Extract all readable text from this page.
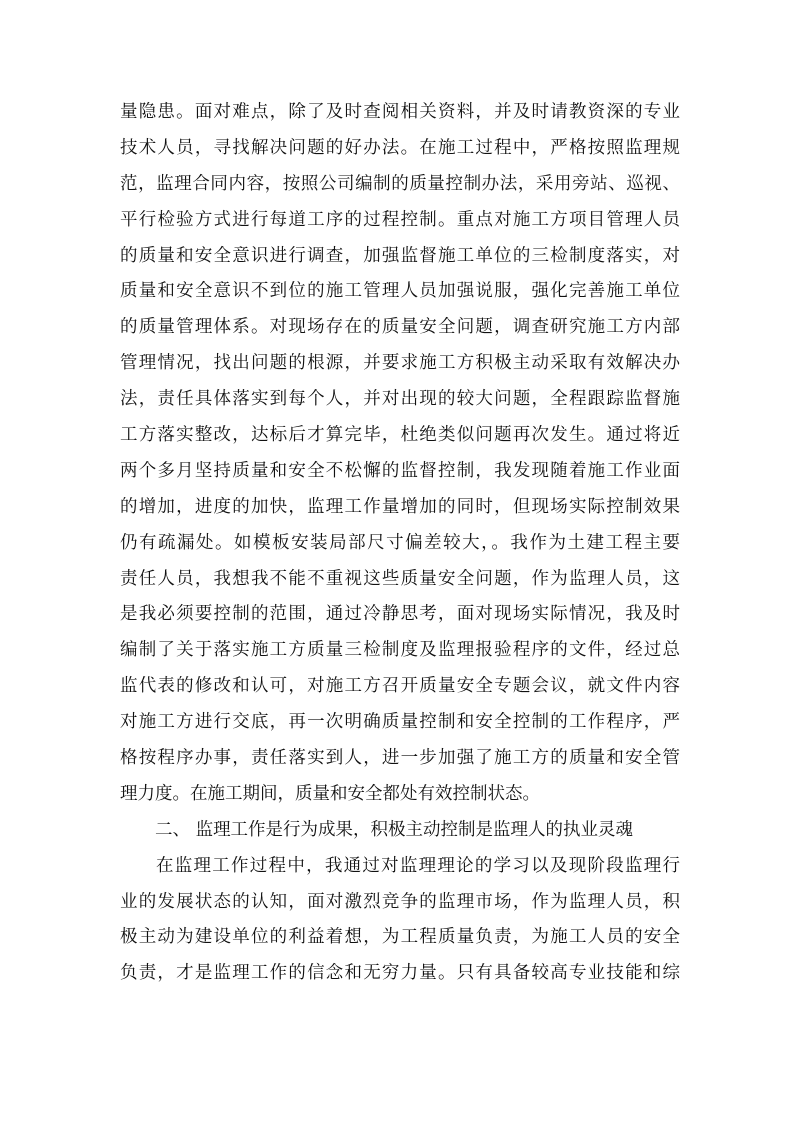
量隐患。面对难点，除了及时查阅相关资料，并及时请教资深的专业
技术人员，寻找解决问题的好办法。在施工过程中，严格按照监理规
范，监理合同内容，按照公司编制的质量控制办法，采用旁站、巡视、
平行检验方式进行每道工序的过程控制。重点对施工方项目管理人员
的质量和安全意识进行调查，加强监督施工单位的三检制度落实，对
质量和安全意识不到位的施工管理人员加强说服，强化完善施工单位
的质量管理体系。对现场存在的质量安全问题，调查研究施工方内部
管理情况，找出问题的根源，并要求施工方积极主动采取有效解决办
法，责任具体落实到每个人，并对出现的较大问题，全程跟踪监督施
工方落实整改，达标后才算完毕，杜绝类似问题再次发生。通过将近
两个多月坚持质量和安全不松懈的监督控制，我发现随着施工作业面
的增加，进度的加快，监理工作量增加的同时，但现场实际控制效果
仍有疏漏处。如模板安装局部尺寸偏差较大，。我作为土建工程主要
责任人员，我想我不能不重视这些质量安全问题，作为监理人员，这
是我必须要控制的范围，通过冷静思考，面对现场实际情况，我及时
编制了关于落实施工方质量三检制度及监理报验程序的文件，经过总
监代表的修改和认可，对施工方召开质量安全专题会议，就文件内容
对施工方进行交底，再一次明确质量控制和安全控制的工作程序，严
格按程序办事，责任落实到人，进一步加强了施工方的质量和安全管
理力度。在施工期间，质量和安全都处有效控制状态。
二、 监理工作是行为成果，积极主动控制是监理人的执业灵魂
在监理工作过程中，我通过对监理理论的学习以及现阶段监理行
业的发展状态的认知，面对激烈竞争的监理市场，作为监理人员，积
极主动为建设单位的利益着想，为工程质量负责，为施工人员的安全
负责，才是监理工作的信念和无穷力量。只有具备较高专业技能和综
